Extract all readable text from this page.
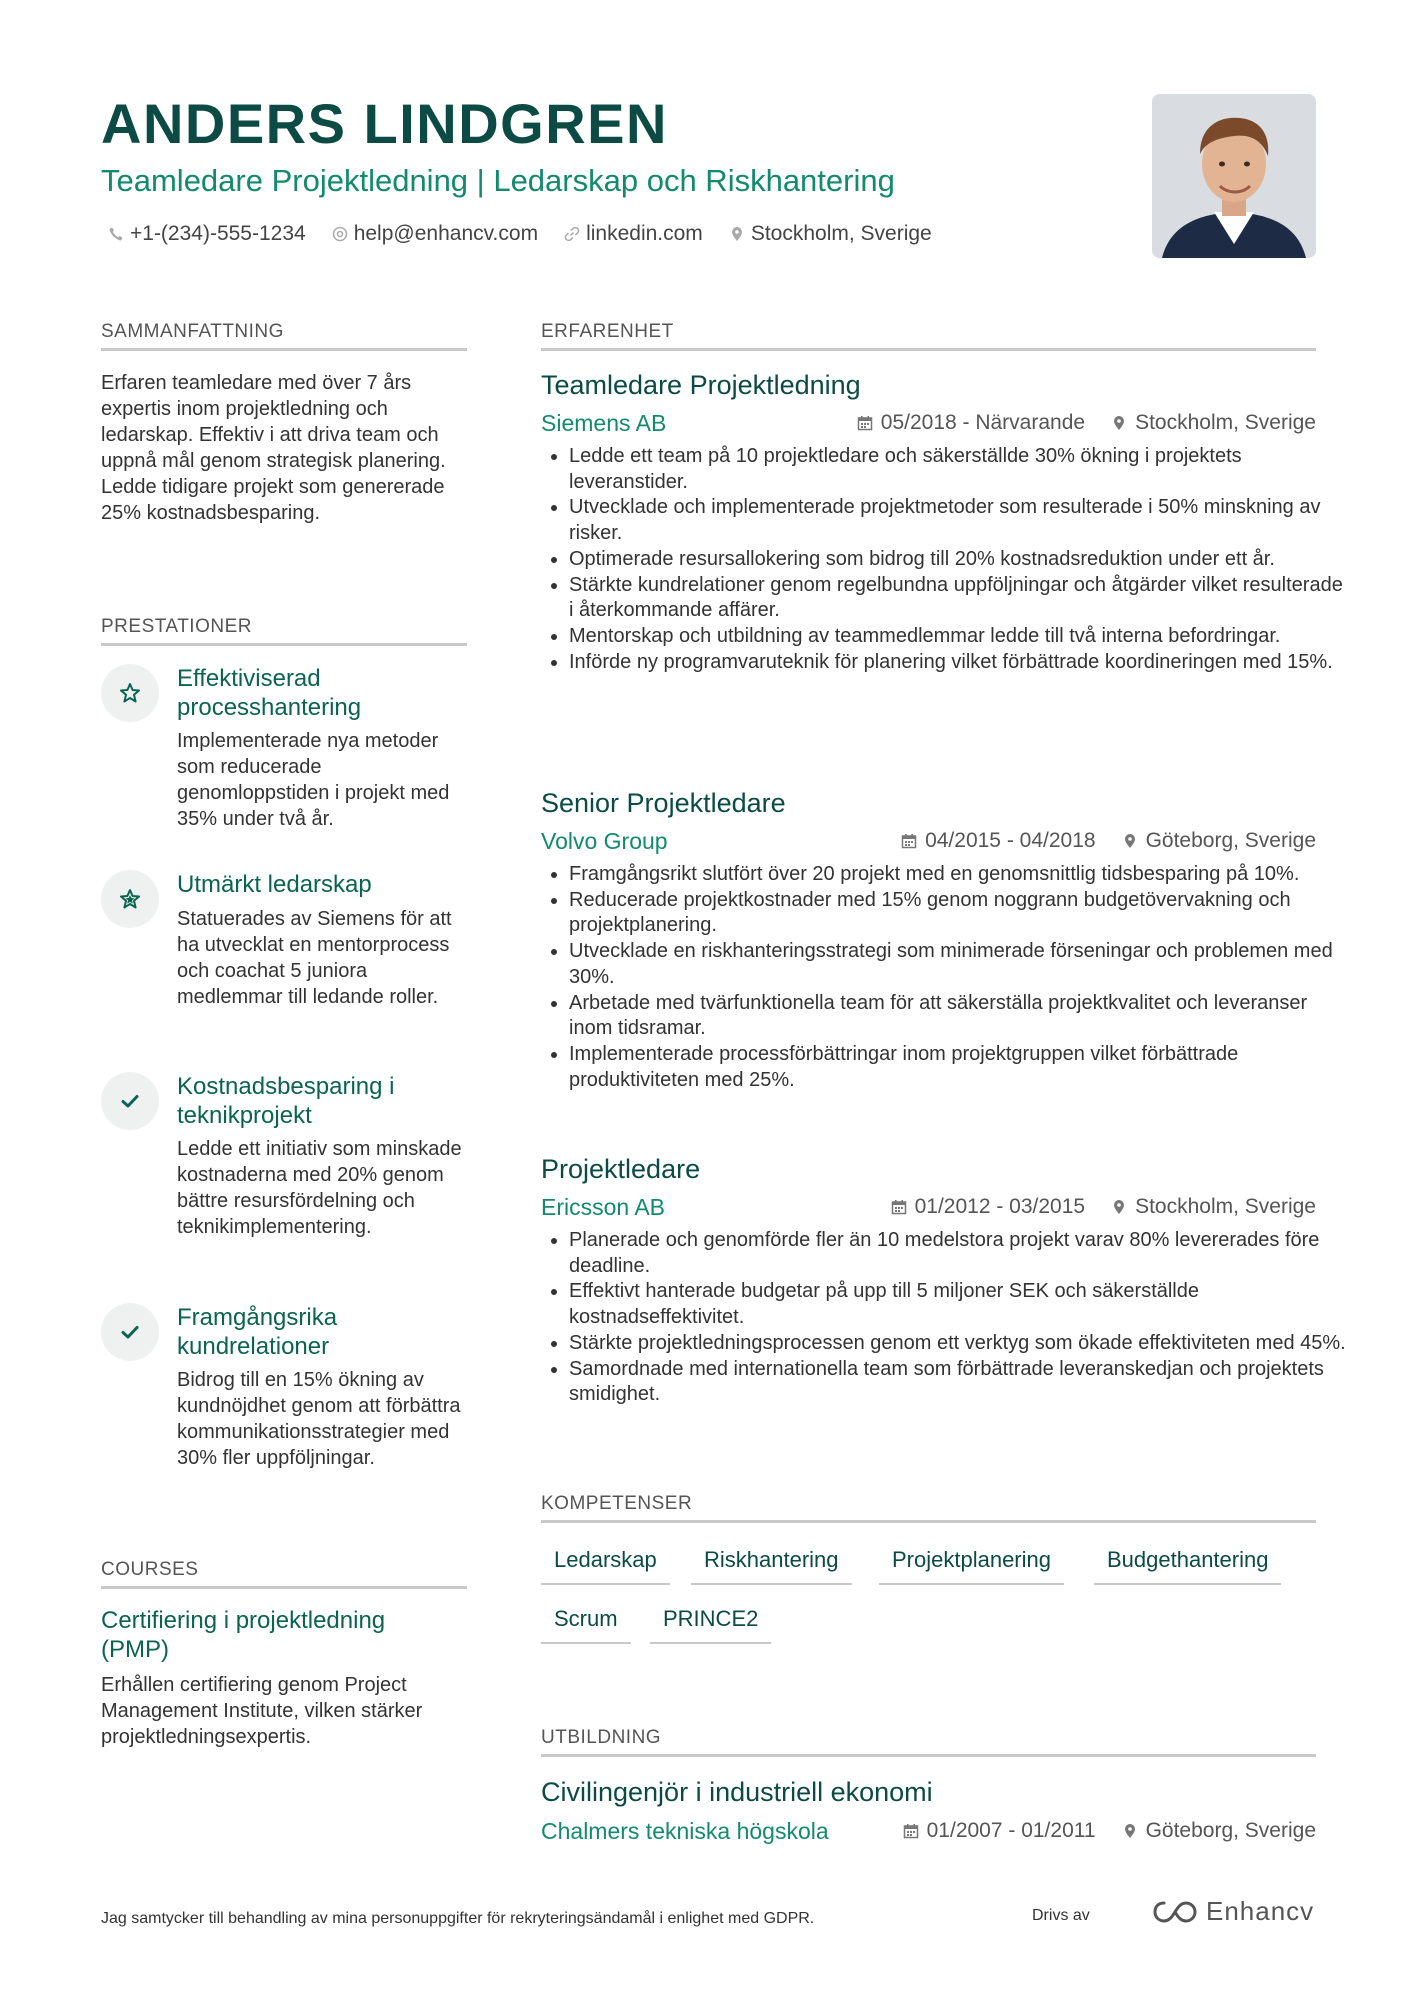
ANDERS LINDGREN
Teamledare Projektledning | Ledarskap och Riskhantering
+1-(234)-555-1234 help@enhancv.com linkedin.com Stockholm, Sverige
SAMMANFATTNING
Erfaren teamledare med över 7 års expertis inom projektledning och ledarskap. Effektiv i att driva team och uppnå mål genom strategisk planering. Ledde tidigare projekt som genererade 25% kostnadsbesparing.
PRESTATIONER
Effektiviserad processhantering
Implementerade nya metoder som reducerade genomloppstiden i projekt med 35% under två år.
Utmärkt ledarskap
Statuerades av Siemens för att ha utvecklat en mentorprocess och coachat 5 juniora medlemmar till ledande roller.
Kostnadsbesparing i teknikprojekt
Ledde ett initiativ som minskade kostnaderna med 20% genom bättre resursfördelning och teknikimplementering.
Framgångsrika kundrelationer
Bidrog till en 15% ökning av kundnöjdhet genom att förbättra kommunikationsstrategier med 30% fler uppföljningar.
COURSES
Certifiering i projektledning (PMP)
Erhållen certifiering genom Project Management Institute, vilken stärker projektledningsexpertis.
ERFARENHET
Teamledare Projektledning
Siemens AB	05/2018 - Närvarande Stockholm, Sverige
• Ledde ett team på 10 projektledare och säkerställde 30% ökning i projektets leveranstider.
• Utvecklade och implementerade projektmetoder som resulterade i 50% minskning av risker.
• Optimerade resursallokering som bidrog till 20% kostnadsreduktion under ett år.
• Stärkte kundrelationer genom regelbundna uppföljningar och åtgärder vilket resulterade i återkommande affärer.
• Mentorskap och utbildning av teammedlemmar ledde till två interna befordringar.
• Införde ny programvaruteknik för planering vilket förbättrade koordineringen med 15%.
Senior Projektledare
Volvo Group	04/2015 - 04/2018 Göteborg, Sverige
• Framgångsrikt slutfört över 20 projekt med en genomsnittlig tidsbesparing på 10%.
• Reducerade projektkostnader med 15% genom noggrann budgetövervakning och projektplanering.
• Utvecklade en riskhanteringsstrategi som minimerade förseningar och problemen med 30%.
• Arbetade med tvärfunktionella team för att säkerställa projektkvalitet och leveranser inom tidsramar.
• Implementerade processförbättringar inom projektgruppen vilket förbättrade produktiviteten med 25%.
Projektledare
Ericsson AB	01/2012 - 03/2015 Stockholm, Sverige
• Planerade och genomförde fler än 10 medelstora projekt varav 80% levererades före deadline.
• Effektivt hanterade budgetar på upp till 5 miljoner SEK och säkerställde kostnadseffektivitet.
• Stärkte projektledningsprocessen genom ett verktyg som ökade effektiviteten med 45%.
• Samordnade med internationella team som förbättrade leveranskedjan och projektets smidighet.
KOMPETENSER
Ledarskap	Riskhantering	Projektplanering	Budgethantering
Scrum	PRINCE2
UTBILDNING
Civilingenjör i industriell ekonomi
Chalmers tekniska högskola	01/2007 - 01/2011 Göteborg, Sverige
Jag samtycker till behandling av mina personuppgifter för rekryteringsändamål i enlighet med GDPR.	Drivs av	Enhancv
